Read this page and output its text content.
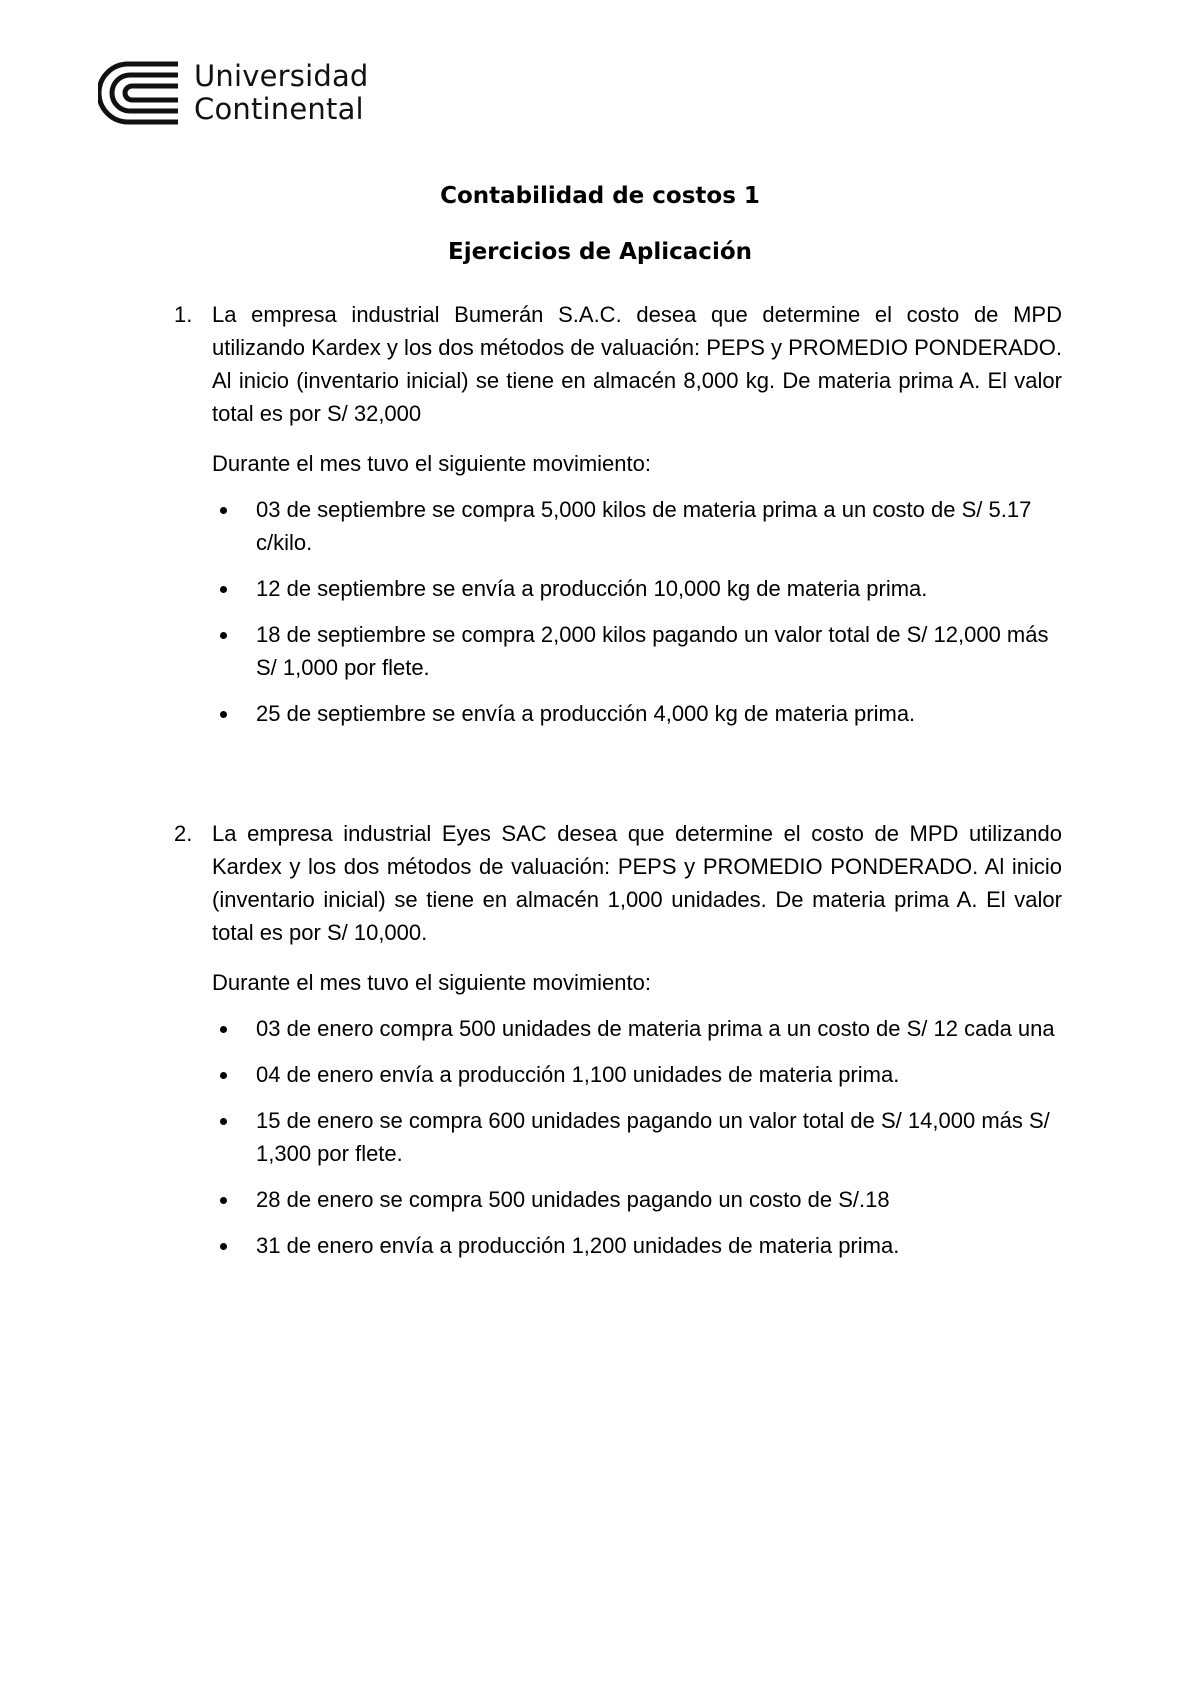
Universidad
Continental
Contabilidad de costos 1
Ejercicios de Aplicación
1. La empresa industrial Bumerán S.A.C. desea que determine el costo de MPD utilizando Kardex y los dos métodos de valuación: PEPS y PROMEDIO PONDERADO. Al inicio (inventario inicial) se tiene en almacén 8,000 kg. De materia prima A. El valor total es por S/ 32,000

Durante el mes tuvo el siguiente movimiento:

03 de septiembre se compra 5,000 kilos de materia prima a un costo de S/ 5.17 c/kilo.
12 de septiembre se envía a producción 10,000 kg de materia prima.
18 de septiembre se compra 2,000 kilos pagando un valor total de S/ 12,000 más S/ 1,000 por flete.
25 de septiembre se envía a producción 4,000 kg de materia prima.
2. La empresa industrial Eyes SAC desea que determine el costo de MPD utilizando Kardex y los dos métodos de valuación: PEPS y PROMEDIO PONDERADO. Al inicio (inventario inicial) se tiene en almacén 1,000 unidades. De materia prima A. El valor total es por S/ 10,000.

Durante el mes tuvo el siguiente movimiento:

03 de enero compra 500 unidades de materia prima a un costo de S/ 12 cada una
04 de enero envía a producción 1,100 unidades de materia prima.
15 de enero se compra 600 unidades pagando un valor total de S/ 14,000 más S/ 1,300 por flete.
28 de enero se compra 500 unidades pagando un costo de S/.18
31 de enero envía a producción 1,200 unidades de materia prima.
